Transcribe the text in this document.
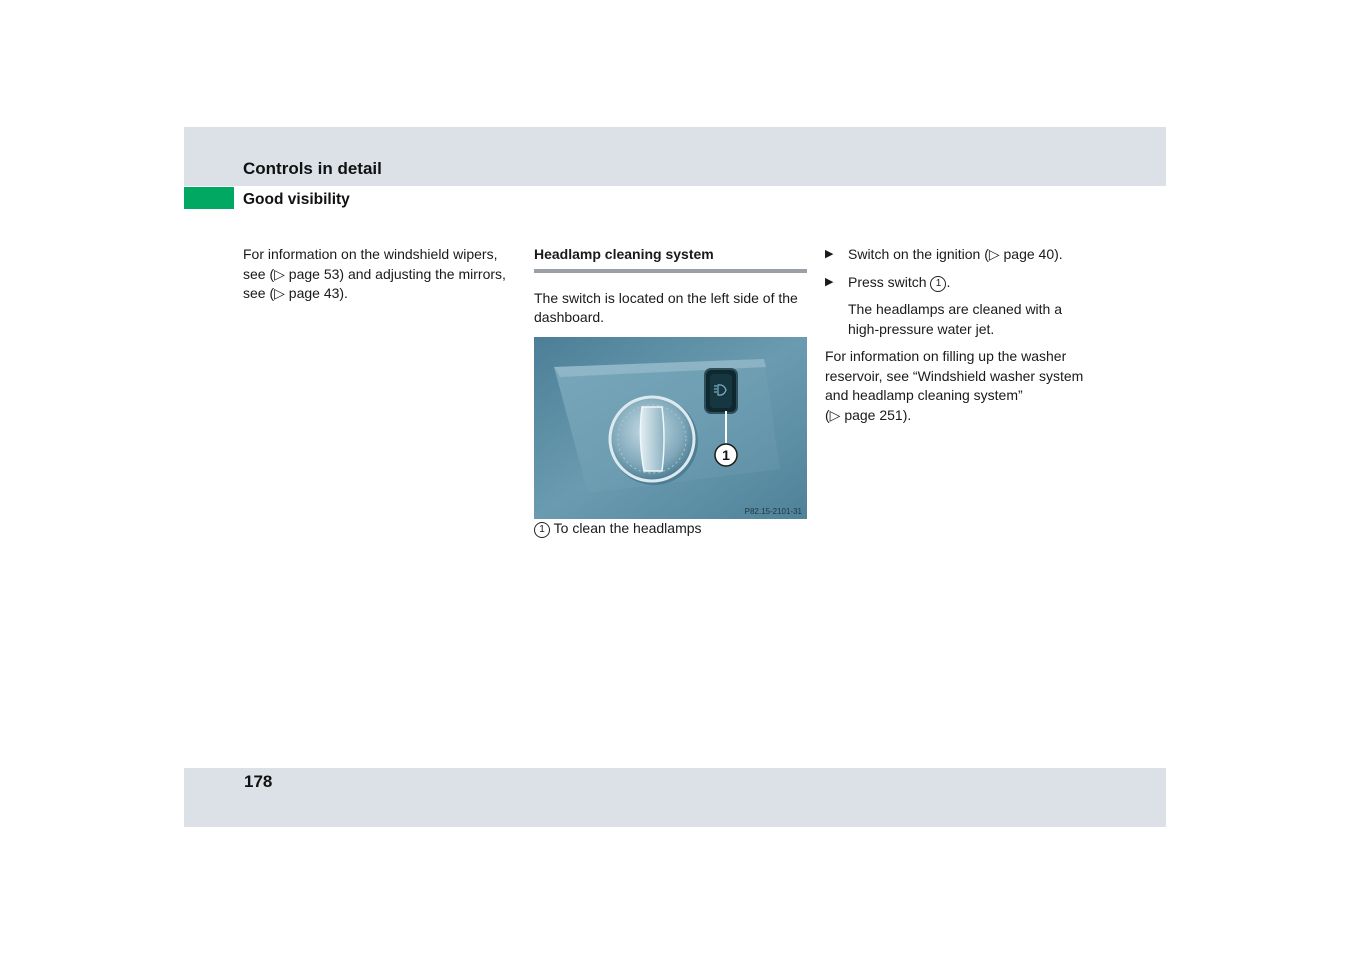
Controls in detail
Good visibility

For information on the windshield wipers,
see (▷ page 53) and adjusting the mirrors,
see (▷ page 43).

Headlamp cleaning system

The switch is located on the left side of the
dashboard.

1
P82.15-2101-31

1 To clean the headlamps

▶ Switch on the ignition (▷ page 40).

▶ Press switch 1 .

The headlamps are cleaned with a
high-pressure water jet.

For information on filling up the washer
reservoir, see “Windshield washer system
and headlamp cleaning system”
(▷ page 251).

178
